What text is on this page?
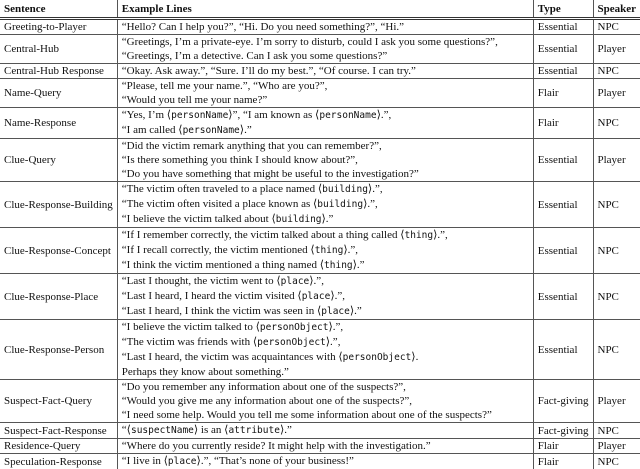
Sentence	Example Lines	Type	Speaker
Greeting-to-Player	“Hello? Can I help you?”, “Hi. Do you need something?”, “Hi.”	Essential	NPC
Central-Hub	“Greetings, I’m a private-eye. I’m sorry to disturb, could I ask you some questions?”,
“Greetings, I’m a detective. Can I ask you some questions?”	Essential	Player
Central-Hub Response	“Okay. Ask away.”, “Sure. I’ll do my best.”, “Of course. I can try.”	Essential	NPC
Name-Query	“Please, tell me your name.”, “Who are you?”,
“Would you tell me your name?”	Flair	Player
Name-Response	“Yes, I’m ⟨personName⟩”, “I am known as ⟨personName⟩.”,
“I am called ⟨personName⟩.”	Flair	NPC
Clue-Query	“Did the victim remark anything that you can remember?”,
“Is there something you think I should know about?”,
“Do you have something that might be useful to the investigation?”	Essential	Player
Clue-Response-Building	“The victim often traveled to a place named ⟨building⟩.”,
“The victim often visited a place known as ⟨building⟩.”,
“I believe the victim talked about ⟨building⟩.”	Essential	NPC
Clue-Response-Concept	“If I remember correctly, the victim talked about a thing called ⟨thing⟩.”,
“If I recall correctly, the victim mentioned ⟨thing⟩.”,
“I think the victim mentioned a thing named ⟨thing⟩.”	Essential	NPC
Clue-Response-Place	“Last I thought, the victim went to ⟨place⟩.”,
“Last I heard, I heard the victim visited ⟨place⟩.”,
“Last I heard, I think the victim was seen in ⟨place⟩.”	Essential	NPC
Clue-Response-Person	“I believe the victim talked to ⟨personObject⟩.”,
“The victim was friends with ⟨personObject⟩.”,
“Last I heard, the victim was acquaintances with ⟨personObject⟩.
Perhaps they know about something.”	Essential	NPC
Suspect-Fact-Query	“Do you remember any information about one of the suspects?”,
“Would you give me any information about one of the suspects?”,
“I need some help. Would you tell me some information about one of the suspects?”	Fact-giving	Player
Suspect-Fact-Response	“⟨suspectName⟩ is an ⟨attribute⟩.”	Fact-giving	NPC
Residence-Query	“Where do you currently reside? It might help with the investigation.”	Flair	Player
Speculation-Response	“I live in ⟨place⟩.”, “That’s none of your business!”	Flair	NPC
